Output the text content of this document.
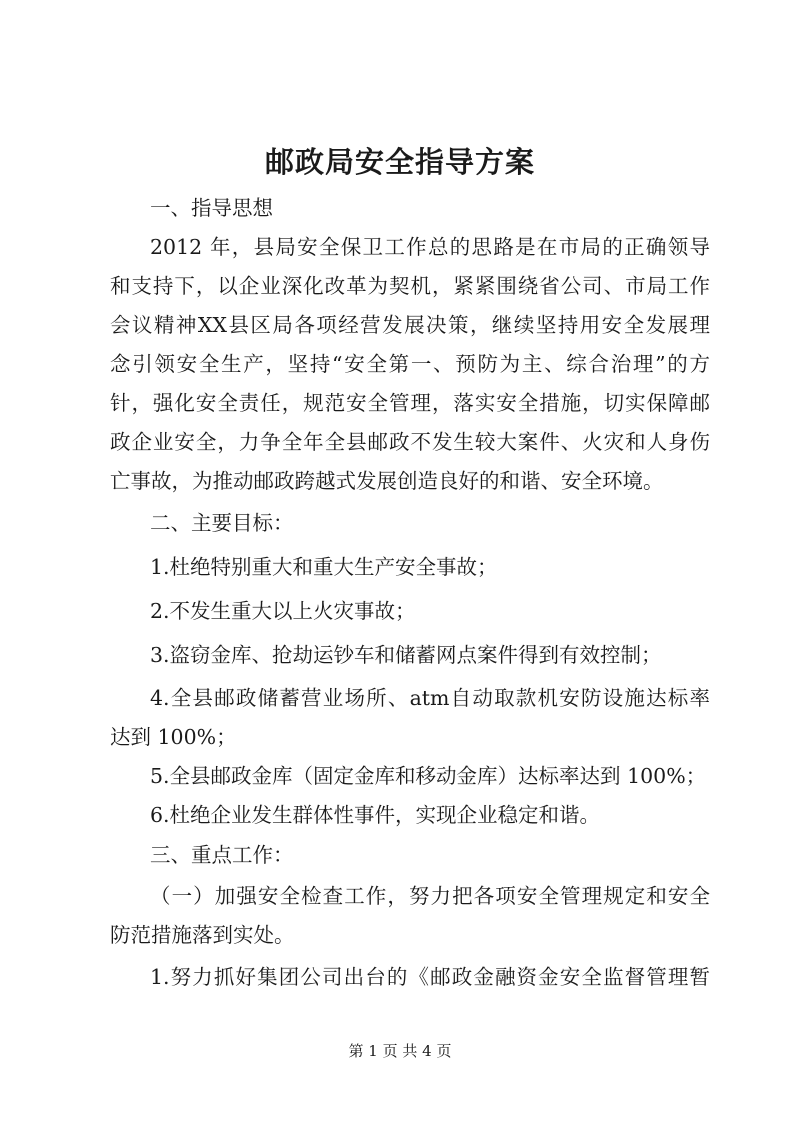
邮政局安全指导方案
一、指导思想
2012 年，县局安全保卫工作总的思路是在市局的正确领导
和支持下，以企业深化改革为契机，紧紧围绕省公司、市局工作
会议精神XX县区局各项经营发展决策，继续坚持用安全发展理
念引领安全生产，坚持“安全第一、预防为主、综合治理”的方
针，强化安全责任，规范安全管理，落实安全措施，切实保障邮
政企业安全，力争全年全县邮政不发生较大案件、火灾和人身伤
亡事故，为推动邮政跨越式发展创造良好的和谐、安全环境。
二、主要目标：
1.杜绝特别重大和重大生产安全事故；
2.不发生重大以上火灾事故；
3.盗窃金库、抢劫运钞车和储蓄网点案件得到有效控制；
4.全县邮政储蓄营业场所、atm自动取款机安防设施达标率
达到 100%；
5.全县邮政金库（固定金库和移动金库）达标率达到 100%；
6.杜绝企业发生群体性事件，实现企业稳定和谐。
三、重点工作：
（一）加强安全检查工作，努力把各项安全管理规定和安全
防范措施落到实处。
1.努力抓好集团公司出台的《邮政金融资金安全监督管理暂
第 1 页 共 4 页
